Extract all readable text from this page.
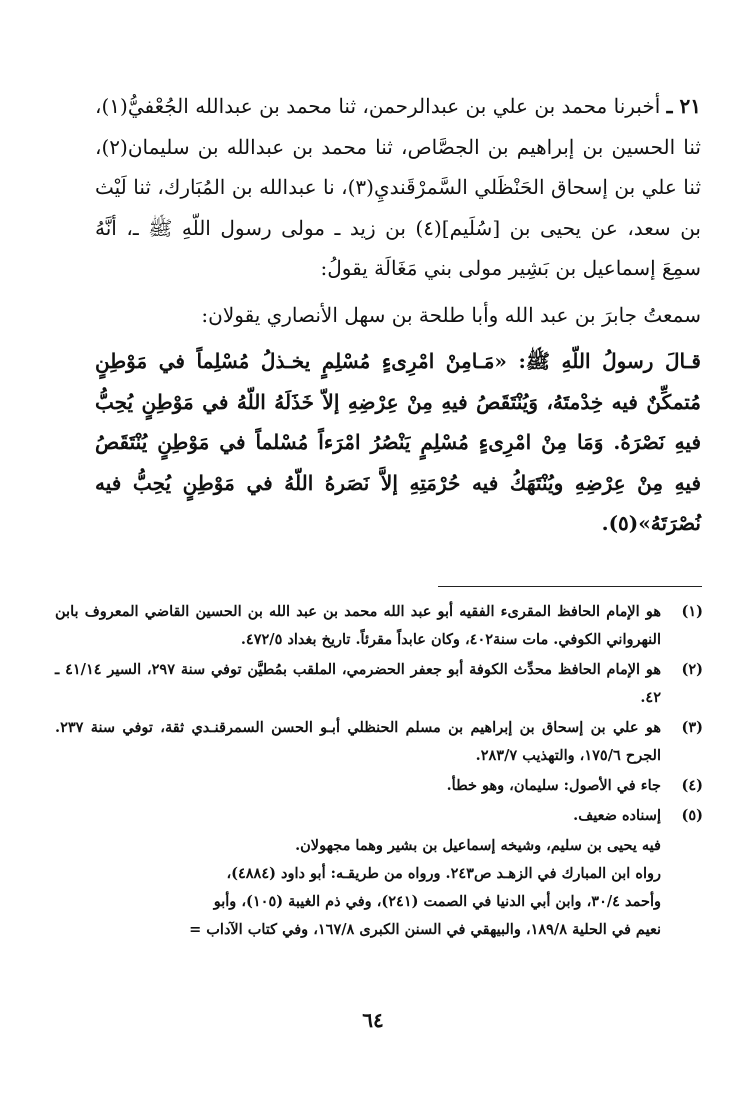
٢١ ـ أخبرنا محمد بن علي بن عبدالرحمن، ثنا محمد بن عبدالله الجُعْفيُّ(١)، ثنا الحسين بن إبراهيم بن الجصَّاص، ثنا محمد بن عبدالله بن سليمان(٢)، ثنا علي بن إسحاق الحَنْظَلي السَّمرْقَنديِ(٣)، نا عبدالله بن المُبَارك، ثنا لَيْث بن سعد، عن يحيى بن [سُلَيم](٤) بن زيد ـ مولى رسول اللّهِ ﷺ ـ، أنَّهُ سمِعَ إسماعيل بن بَشِير مولى بني مَغَالَة يقولُ:

سمعتُ جابرَ بن عبد الله وأبا طلحة بن سهل الأنصاري يقولان:

قـالَ رسولُ اللّهِ ﷺ: «مَـامِنْ امْرِىءٍ مُسْلِمٍ يخـذلُ مُسْلِماً في مَوْطِنٍ مُتمكِّنٌ فيه خِدْمتَهُ، وَيُنْتَقَصُ فيهِ مِنْ عِرْضِهِ إلاّ خَذَلَهُ اللّهُ في مَوْطِنٍ يُحِبُّ فيهِ نَصْرَهُ. وَمَا مِنْ امْرِىءٍ مُسْلِمٍ يَنْصُرُ امْرَءاً مُسْلماً في مَوْطِنٍ يُنْتَقَصُ فيهِ مِنْ عِرْضِهِ ويُنْتَهَكُ فيه حُرْمَتِهِ إلاَّ نَصَرهُ اللّهُ في مَوْطِنٍ يُحِبُّ فيه نُصْرَتَهُ»(٥).

(١)
هو الإمام الحافظ المقرىء الفقيه أبو عبد الله محمد بن عبد الله بن الحسين القاضي المعروف بابن النهرواني الكوفي. مات سنة٤٠٢، وكان عابداً مقرئاً. تاريخ بغداد ٤٧٢/٥.
(٢)
هو الإمام الحافظ محدِّث الكوفة أبو جعفر الحضرمي، الملقب بمُطيَّن توفي سنة ٢٩٧، السير ٤١/١٤ ـ ٤٢.
(٣)
هو علي بن إسحاق بن إبراهيم بن مسلم الحنظلي أبـو الحسن السمرقنـدي ثقة، توفي سنة ٢٣٧. الجرح ١٧٥/٦، والتهذيب ٢٨٣/٧.
(٤)
جاء في الأصول: سليمان، وهو خطأ.
(٥)
إسناده ضعيف.

فيه يحيى بن سليم، وشيخه إسماعيل بن بشير وهما مجهولان.

رواه ابن المبارك في الزهـد ص٢٤٣. ورواه من طريقـه: أبو داود (٤٨٨٤)،

وأحمد ٣٠/٤، وابن أبي الدنيا في الصمت (٢٤١)، وفي ذم الغيبة (١٠٥)، وأبو

نعيم في الحلية ١٨٩/٨، والبيهقي في السنن الكبرى ١٦٧/٨، وفي كتاب الآداب =

٦٤
